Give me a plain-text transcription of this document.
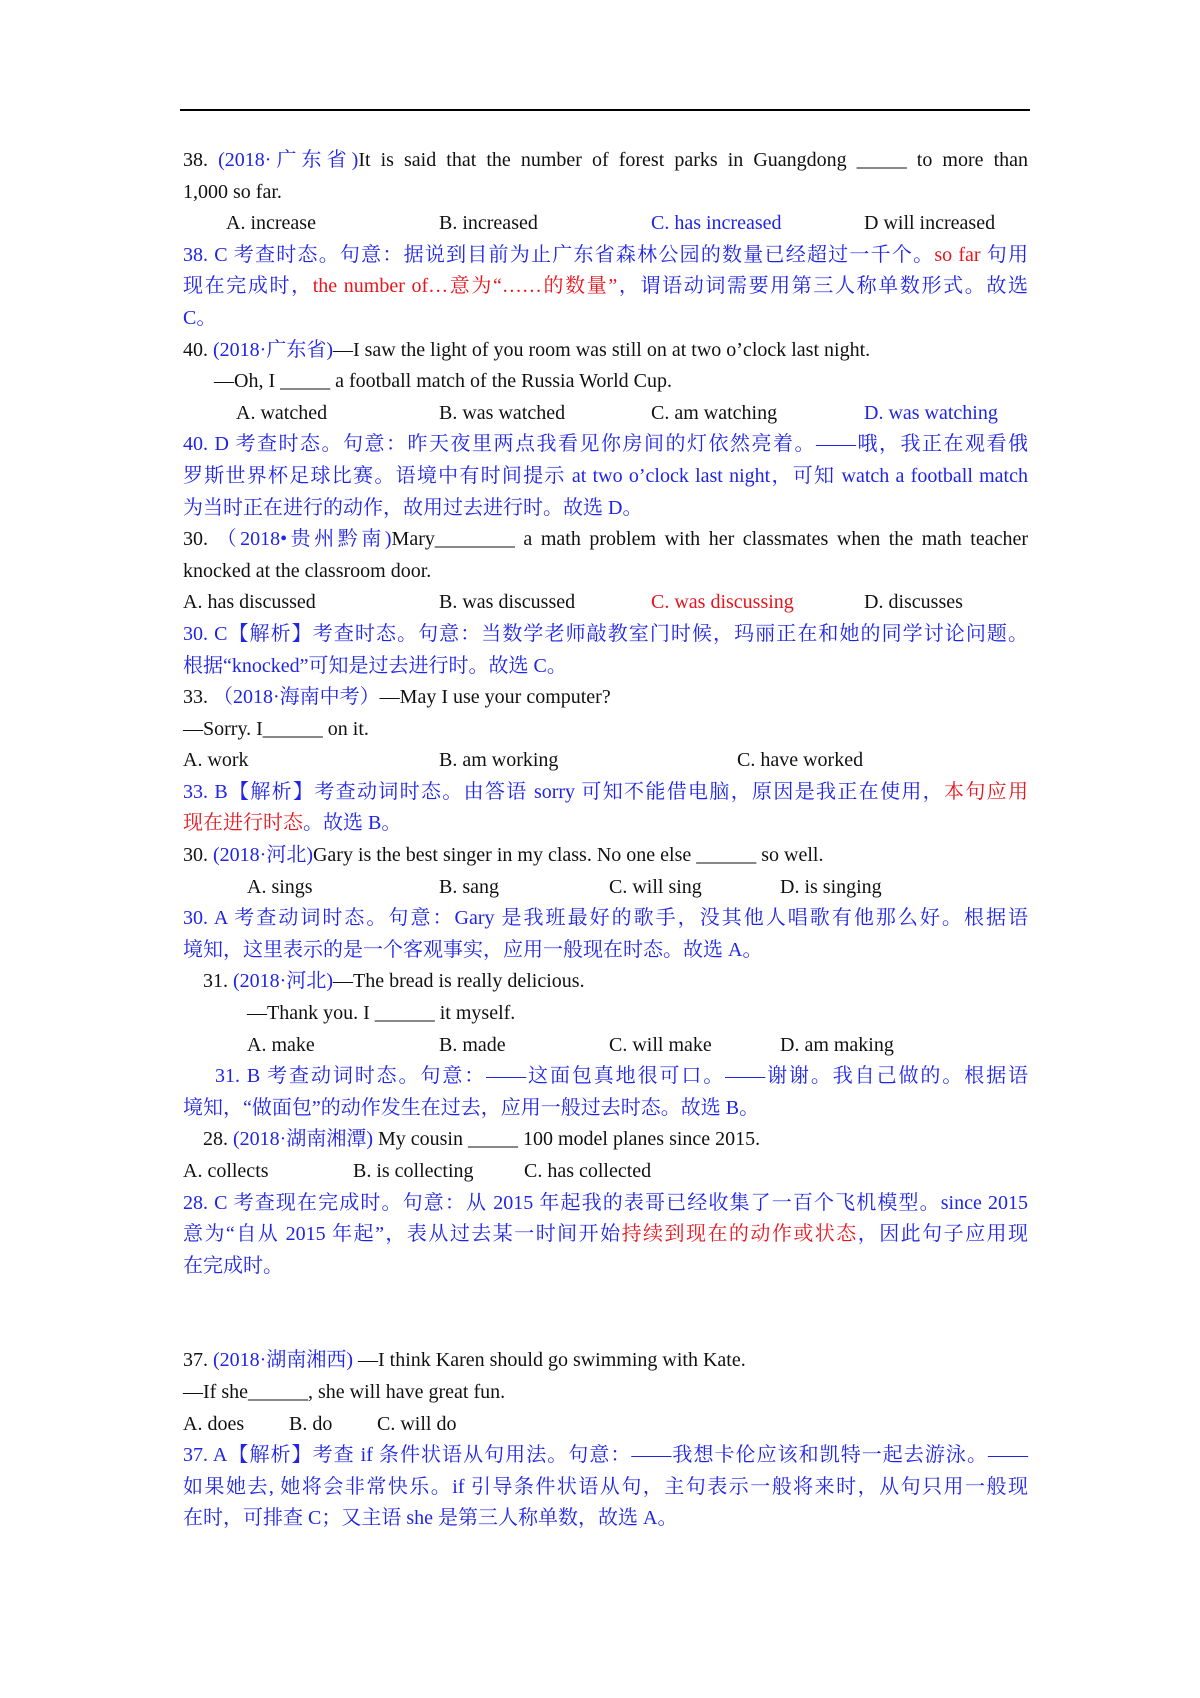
38. (2018·广东省)It is said that the number of forest parks in Guangdong _____ to more than
1,000 so far.
A. increase	B. increased	C. has increased	D will increased
38. C 考查时态。句意：据说到目前为止广东省森林公园的数量已经超过一千个。so far 句用
现在完成时，the number of…意为“……的数量”，谓语动词需要用第三人称单数形式。故选
C。
40. (2018·广东省)—I saw the light of you room was still on at two o’clock last night.
—Oh, I _____ a football match of the Russia World Cup.
A. watched	B. was watched	C. am watching	D. was watching
40. D 考查时态。句意：昨天夜里两点我看见你房间的灯依然亮着。——哦，我正在观看俄
罗斯世界杯足球比赛。语境中有时间提示 at two o’clock last night，可知 watch a football match
为当时正在进行的动作，故用过去进行时。故选 D。
30. （2018•贵州黔南)Mary________ a math problem with her classmates when the math teacher
knocked at the classroom door.
A. has discussed	B. was discussed	C. was discussing	D. discusses
30. C【解析】考查时态。句意：当数学老师敲教室门时候，玛丽正在和她的同学讨论问题。
根据“knocked”可知是过去进行时。故选 C。
33. （2018·海南中考）—May I use your computer?
—Sorry. I______ on it.
A. work	B. am working	C. have worked
33. B【解析】考查动词时态。由答语 sorry 可知不能借电脑，原因是我正在使用，本句应用
现在进行时态。故选 B。
30. (2018·河北)Gary is the best singer in my class. No one else ______ so well.
A. sings	B. sang	C. will sing	D. is singing
30. A 考查动词时态。句意：Gary 是我班最好的歌手，没其他人唱歌有他那么好。根据语
境知，这里表示的是一个客观事实，应用一般现在时态。故选 A。
31. (2018·河北)—The bread is really delicious.
—Thank you. I ______ it myself.
A. make	B. made	C. will make	D. am making
31. B 考查动词时态。句意：——这面包真地很可口。——谢谢。我自己做的。根据语
境知，“做面包”的动作发生在过去，应用一般过去时态。故选 B。
28. (2018·湖南湘潭) My cousin _____ 100 model planes since 2015.
A. collects	B. is collecting	C. has collected
28. C 考查现在完成时。句意：从 2015 年起我的表哥已经收集了一百个飞机模型。since 2015
意为“自从 2015 年起”，表从过去某一时间开始持续到现在的动作或状态，因此句子应用现
在完成时。
37. (2018·湖南湘西) —I think Karen should go swimming with Kate.
—If she______, she will have great fun.
A. does	B. do	C. will do
37. A【解析】考查 if 条件状语从句用法。句意：——我想卡伦应该和凯特一起去游泳。——
如果她去, 她将会非常快乐。if 引导条件状语从句，主句表示一般将来时，从句只用一般现
在时，可排查 C；又主语 she 是第三人称单数，故选 A。
